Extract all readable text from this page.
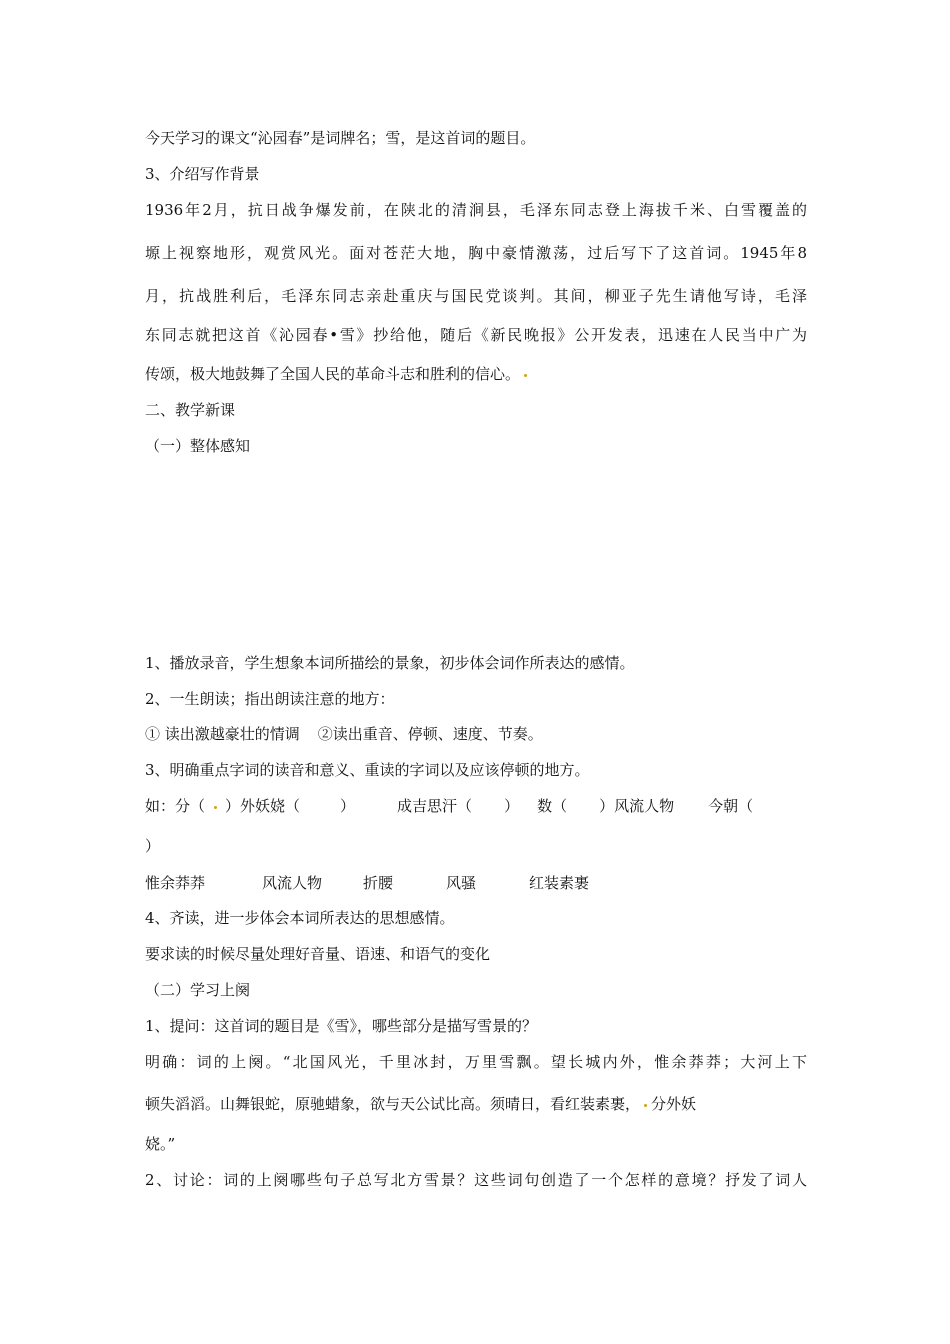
今天学习的课文“沁园春”是词牌名；雪，是这首词的题目。
3、介绍写作背景
1936年2月，抗日战争爆发前，在陕北的清涧县，毛泽东同志登上海拔千米、白雪覆盖的
塬上视察地形，观赏风光。面对苍茫大地，胸中豪情激荡，过后写下了这首词。1945年8
月，抗战胜利后，毛泽东同志亲赴重庆与国民党谈判。其间，柳亚子先生请他写诗，毛泽
东同志就把这首《沁园春•雪》抄给他，随后《新民晚报》公开发表，迅速在人民当中广为
传颂，极大地鼓舞了全国人民的革命斗志和胜利的信心。
二、教学新课
（一）整体感知
1、播放录音，学生想象本词所描绘的景象，初步体会词作所表达的感情。
2、一生朗读；指出朗读注意的地方：
① 读出激越豪壮的情调 ②读出重音、停顿、速度、节奏。
3、明确重点字词的读音和意义、重读的字词以及应该停顿的地方。
如：分（ ）外妖娆（	）	成吉思汗（ ） 数（ ）风流人物 今朝（
）
惟余莽莽	风流人物	折腰	风骚	红装素裹
4、齐读，进一步体会本词所表达的思想感情。
要求读的时候尽量处理好音量、语速、和语气的变化
（二）学习上阕
1、提问：这首词的题目是《雪》，哪些部分是描写雪景的？
明确：词的上阕。“北国风光，千里冰封，万里雪飘。望长城内外，惟余莽莽；大河上下
顿失滔滔。山舞银蛇，原驰蜡象，欲与天公试比高。须晴日，看红装素裹， 分外妖
娆。”
2、讨论：词的上阕哪些句子总写北方雪景？这些词句创造了一个怎样的意境？抒发了词人
